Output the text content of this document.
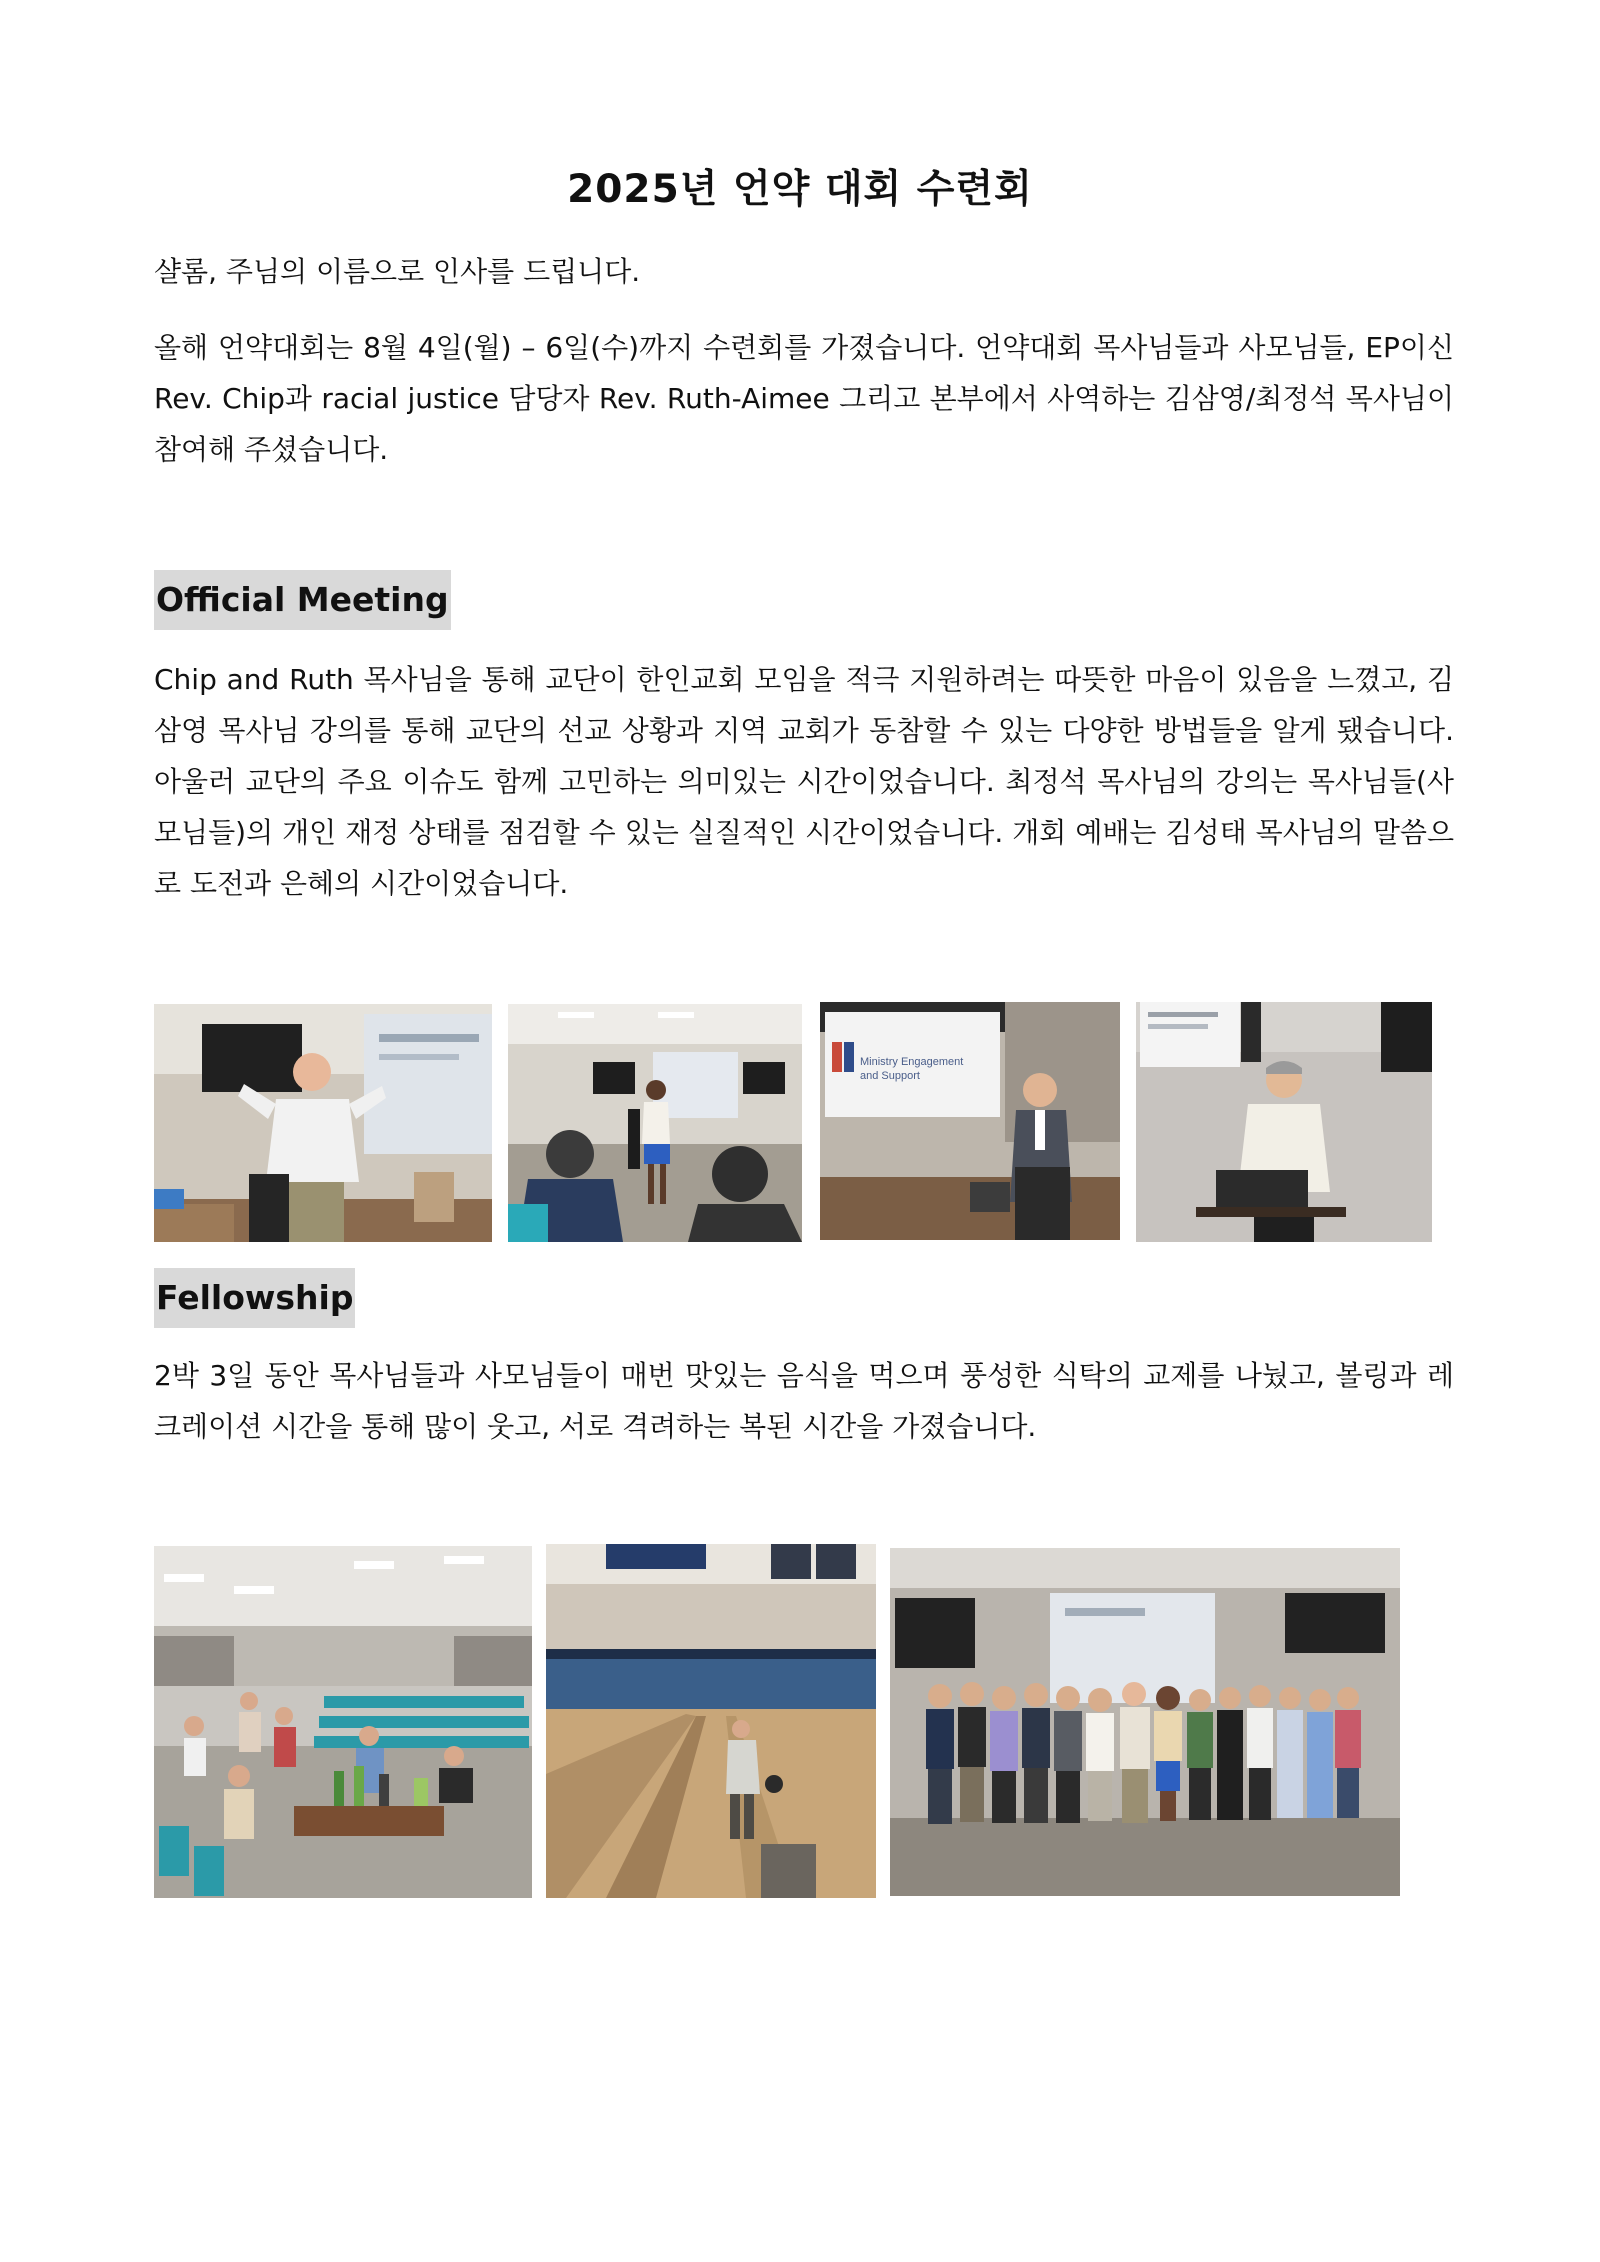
2025년 언약 대회 수련회

샬롬, 주님의 이름으로 인사를 드립니다.

올해 언약대회는 8월 4일(월) – 6일(수)까지 수련회를 가졌습니다. 언약대회 목사님들과 사모님들, EP이신 Rev. Chip과 racial justice 담당자 Rev. Ruth-Aimee 그리고 본부에서 사역하는 김삼영/최정석 목사님이 참여해 주셨습니다.

Official Meeting

Chip and Ruth 목사님을 통해 교단이 한인교회 모임을 적극 지원하려는 따뜻한 마음이 있음을 느꼈고, 김삼영 목사님 강의를 통해 교단의 선교 상황과 지역 교회가 동참할 수 있는 다양한 방법들을 알게 됐습니다. 아울러 교단의 주요 이슈도 함께 고민하는 의미있는 시간이었습니다. 최정석 목사님의 강의는 목사님들(사모님들)의 개인 재정 상태를 점검할 수 있는 실질적인 시간이었습니다. 개회 예배는 김성태 목사님의 말씀으로 도전과 은혜의 시간이었습니다.

Ministry Engagement
and Support
Fellowship

2박 3일 동안 목사님들과 사모님들이 매번 맛있는 음식을 먹으며 풍성한 식탁의 교제를 나눴고, 볼링과 레크레이션 시간을 통해 많이 웃고, 서로 격려하는 복된 시간을 가졌습니다.
